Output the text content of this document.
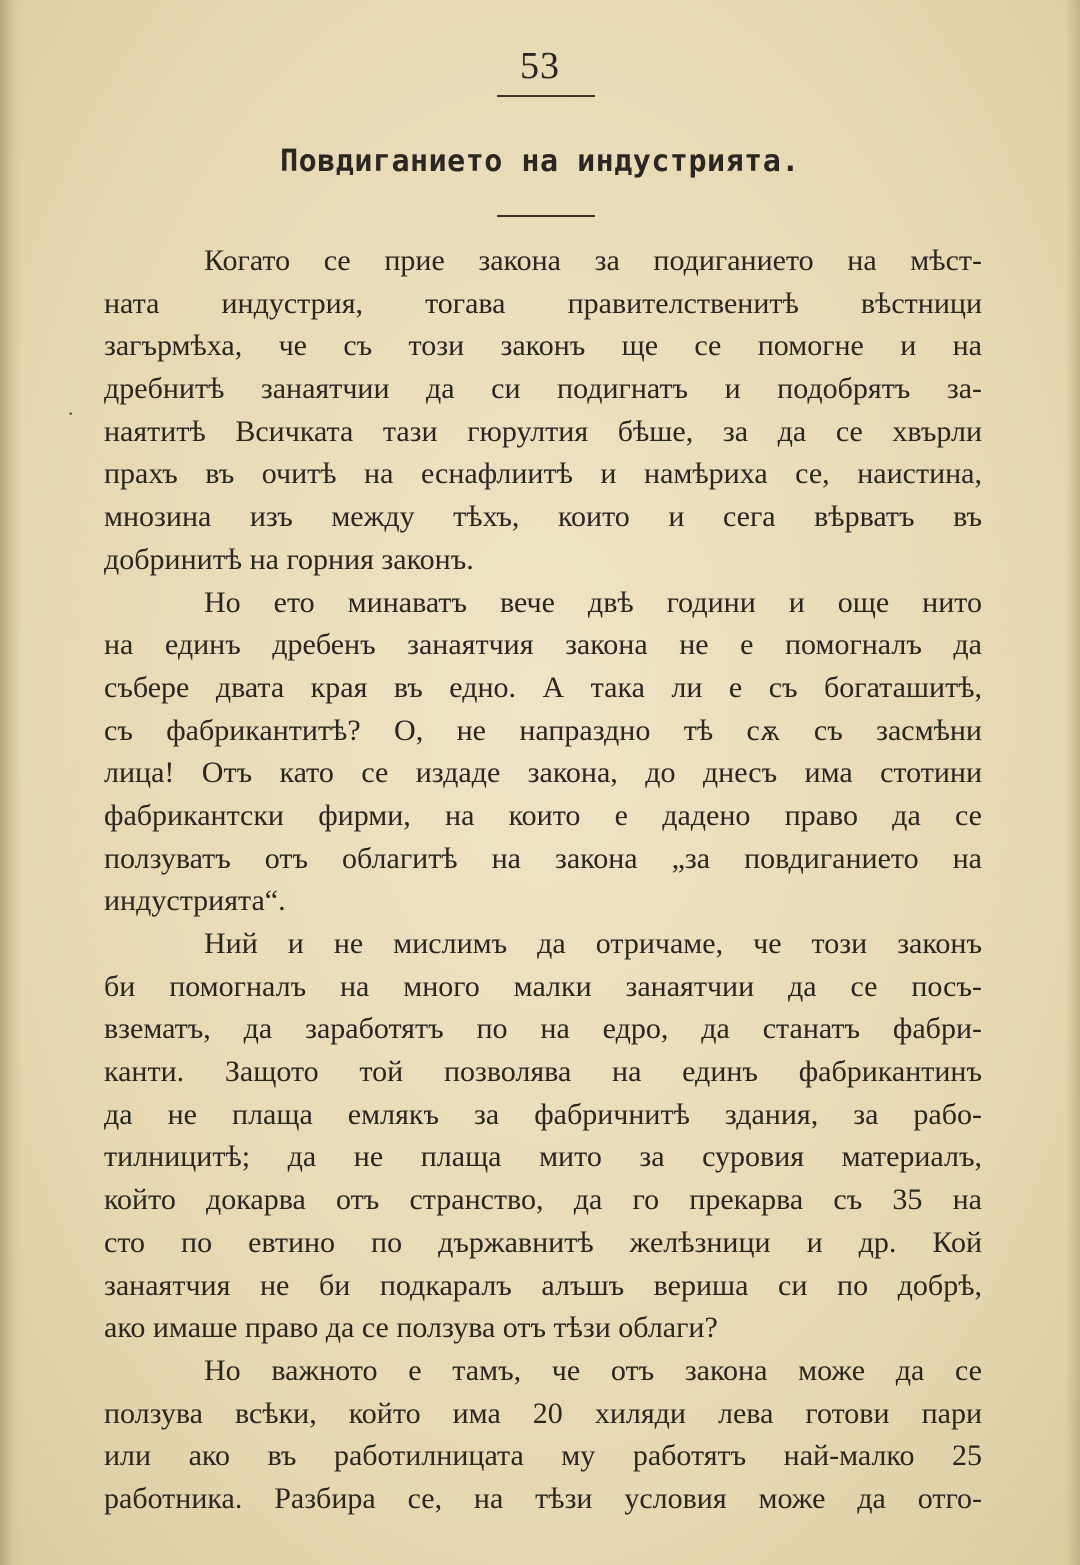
53
Повдиганието на индустрията.
·
Когато се прие закона за подиганието на мѣст-
ната индустрия, тогава правителственитѣ вѣстници
загърмѣха, че съ този законъ ще се помогне и на
дребнитѣ занаятчии да си подигнатъ и подобрятъ за-
наятитѣ Всичката тази гюрултия бѣше, за да се хвърли
прахъ въ очитѣ на еснафлиитѣ и намѣриха се, наистина,
мнозина изъ между тѣхъ, които и сега вѣрватъ въ
добринитѣ на горния законъ.
Но ето минаватъ вече двѣ години и още нито
на единъ дребенъ занаятчия закона не е помогналъ да
събере двата края въ едно. А така ли е съ богаташитѣ,
съ фабрикантитѣ? О, не напраздно тѣ сѫ съ засмѣни
лица! Отъ като се издаде закона, до днесъ има стотини
фабрикантски фирми, на които е дадено право да се
ползуватъ отъ облагитѣ на закона „за повдиганието на
индустрията“.
Ний и не мислимъ да отричаме, че този законъ
би помогналъ на много малки занаятчии да се посъ-
взематъ, да заработятъ по на едро, да станатъ фабри-
канти. Защото той позволява на единъ фабрикантинъ
да не плаща емлякъ за фабричнитѣ здания, за рабо-
тилницитѣ; да не плаща мито за суровия материалъ,
който докарва отъ странство, да го прекарва съ 35 на
сто по евтино по държавнитѣ желѣзници и др. Кой
занаятчия не би подкаралъ алъшъ вериша си по добрѣ,
ако имаше право да се ползува отъ тѣзи облаги?
Но важното е тамъ, че отъ закона може да се
ползува всѣки, който има 20 хиляди лева готови пари
или ако въ работилницата му работятъ най-малко 25
работника. Разбира се, на тѣзи условия може да отго-
